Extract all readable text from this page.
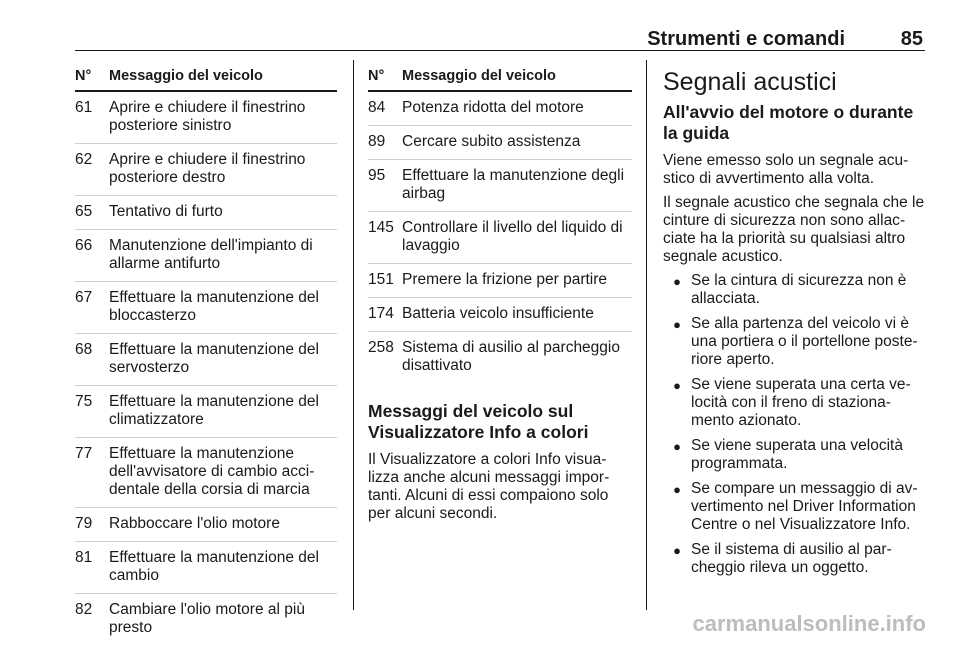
Strumenti e comandi	85
N°	Messaggio del veicolo
61	Aprire e chiudere il finestrino posteriore sinistro
62	Aprire e chiudere il finestrino posteriore destro
65	Tentativo di furto
66	Manutenzione dell'impianto di allarme antifurto
67	Effettuare la manutenzione del bloccasterzo
68	Effettuare la manutenzione del servosterzo
75	Effettuare la manutenzione del climatizzatore
77	Effettuare la manutenzione dell'avvisatore di cambio accidentale della corsia di marcia
79	Rabboccare l'olio motore
81	Effettuare la manutenzione del cambio
82	Cambiare l'olio motore al più presto
N°	Messaggio del veicolo
84	Potenza ridotta del motore
89	Cercare subito assistenza
95	Effettuare la manutenzione degli airbag
145 Controllare il livello del liquido di lavaggio
151 Premere la frizione per partire
174 Batteria veicolo insufficiente
258 Sistema di ausilio al parcheggio disattivato
Messaggi del veicolo sul Visualizzatore Info a colori

Il Visualizzatore a colori Info visualizza anche alcuni messaggi importanti. Alcuni di essi compaiono solo per alcuni secondi.

Segnali acustici
All'avvio del motore o durante la guida

Viene emesso solo un segnale acustico di avvertimento alla volta.

Il segnale acustico che segnala che le cinture di sicurezza non sono allacciate ha la priorità su qualsiasi altro segnale acustico.

● Se la cintura di sicurezza non è allacciata.
● Se alla partenza del veicolo vi è una portiera o il portellone posteriore aperto.
● Se viene superata una certa velocità con il freno di stazionamento azionato.
● Se viene superata una velocità programmata.
● Se compare un messaggio di avvertimento nel Driver Information Centre o nel Visualizzatore Info.
● Se il sistema di ausilio al parcheggio rileva un oggetto.
carmanualsonline.info
